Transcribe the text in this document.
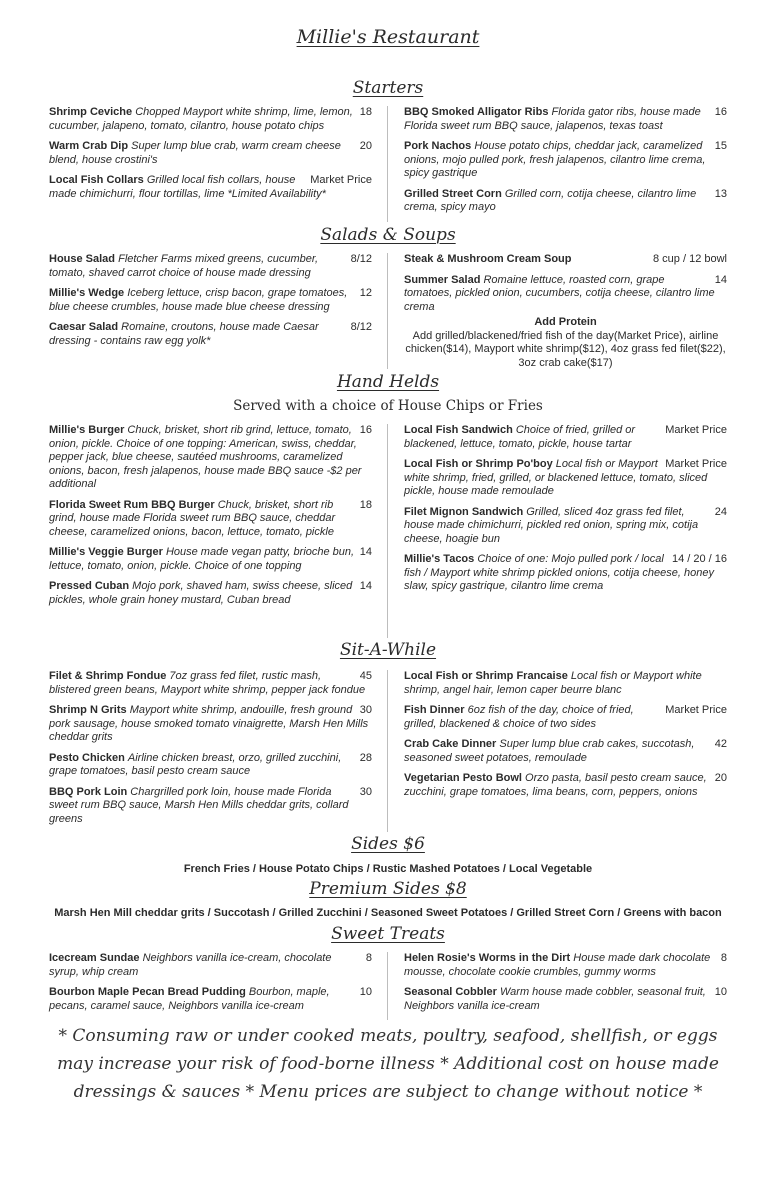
Millie's Restaurant
Starters
18
Shrimp Ceviche Chopped Mayport white shrimp, lime, lemon, cucumber, jalapeno, tomato, cilantro, house potato chips
20
Warm Crab Dip Super lump blue crab, warm cream cheese blend, house crostini's
Market Price
Local Fish Collars Grilled local fish collars, house made chimichurri, flour tortillas, lime *Limited Availability*
16
BBQ Smoked Alligator Ribs Florida gator ribs, house made Florida sweet rum BBQ sauce, jalapenos, texas toast
15
Pork Nachos House potato chips, cheddar jack, caramelized onions, mojo pulled pork, fresh jalapenos, cilantro lime crema, spicy gastrique
13
Grilled Street Corn Grilled corn, cotija cheese, cilantro lime crema, spicy mayo
Salads & Soups
8/12
House Salad Fletcher Farms mixed greens, cucumber, tomato, shaved carrot choice of house made dressing
12
Millie's Wedge Iceberg lettuce, crisp bacon, grape tomatoes, blue cheese crumbles, house made blue cheese dressing
8/12
Caesar Salad Romaine, croutons, house made Caesar dressing - contains raw egg yolk*
8 cup / 12 bowl
Steak & Mushroom Cream Soup
14
Summer Salad Romaine lettuce, roasted corn, grape tomatoes, pickled onion, cucumbers, cotija cheese, cilantro lime crema
Add Protein
Add grilled/blackened/fried fish of the day(Market Price), airline chicken($14), Mayport white shrimp($12), 4oz grass fed filet($22), 3oz crab cake($17)
Hand Helds
Served with a choice of House Chips or Fries
16
Millie's Burger Chuck, brisket, short rib grind, lettuce, tomato, onion, pickle. Choice of one topping: American, swiss, cheddar, pepper jack, blue cheese, sautéed mushrooms, caramelized onions, bacon, fresh jalapenos, house made BBQ sauce -$2 per additional
18
Florida Sweet Rum BBQ Burger Chuck, brisket, short rib grind, house made Florida sweet rum BBQ sauce, cheddar cheese, caramelized onions, bacon, lettuce, tomato, pickle
14
Millie's Veggie Burger House made vegan patty, brioche bun, lettuce, tomato, onion, pickle. Choice of one topping
14
Pressed Cuban Mojo pork, shaved ham, swiss cheese, sliced pickles, whole grain honey mustard, Cuban bread
Market Price
Local Fish Sandwich Choice of fried, grilled or blackened, lettuce, tomato, pickle, house tartar
Market Price
Local Fish or Shrimp Po'boy Local fish or Mayport white shrimp, fried, grilled, or blackened lettuce, tomato, sliced pickle, house made remoulade
24
Filet Mignon Sandwich Grilled, sliced 4oz grass fed filet, house made chimichurri, pickled red onion, spring mix, cotija cheese, hoagie bun
14 / 20 / 16
Millie's Tacos Choice of one: Mojo pulled pork / local fish / Mayport white shrimp pickled onions, cotija cheese, honey slaw, spicy gastrique, cilantro lime crema
Sit-A-While
45
Filet & Shrimp Fondue 7oz grass fed filet, rustic mash, blistered green beans, Mayport white shrimp, pepper jack fondue
30
Shrimp N Grits Mayport white shrimp, andouille, fresh ground pork sausage, house smoked tomato vinaigrette, Marsh Hen Mills cheddar grits
28
Pesto Chicken Airline chicken breast, orzo, grilled zucchini, grape tomatoes, basil pesto cream sauce
30
BBQ Pork Loin Chargrilled pork loin, house made Florida sweet rum BBQ sauce, Marsh Hen Mills cheddar grits, collard greens
Local Fish or Shrimp Francaise Local fish or Mayport white shrimp, angel hair, lemon caper beurre blanc
Market Price
Fish Dinner 6oz fish of the day, choice of fried, grilled, blackened & choice of two sides
42
Crab Cake Dinner Super lump blue crab cakes, succotash, seasoned sweet potatoes, remoulade
20
Vegetarian Pesto Bowl Orzo pasta, basil pesto cream sauce, zucchini, grape tomatoes, lima beans, corn, peppers, onions
Sides $6
French Fries / House Potato Chips / Rustic Mashed Potatoes / Local Vegetable
Premium Sides $8
Marsh Hen Mill cheddar grits / Succotash / Grilled Zucchini / Seasoned Sweet Potatoes / Grilled Street Corn / Greens with bacon
Sweet Treats
8
Icecream Sundae Neighbors vanilla ice-cream, chocolate syrup, whip cream
10
Bourbon Maple Pecan Bread Pudding Bourbon, maple, pecans, caramel sauce, Neighbors vanilla ice-cream
8
Helen Rosie's Worms in the Dirt House made dark chocolate mousse, chocolate cookie crumbles, gummy worms
10
Seasonal Cobbler Warm house made cobbler, seasonal fruit, Neighbors vanilla ice-cream
* Consuming raw or under cooked meats, poultry, seafood, shellfish, or eggs may increase your risk of food-borne illness * Additional cost on house made dressings & sauces * Menu prices are subject to change without notice *
